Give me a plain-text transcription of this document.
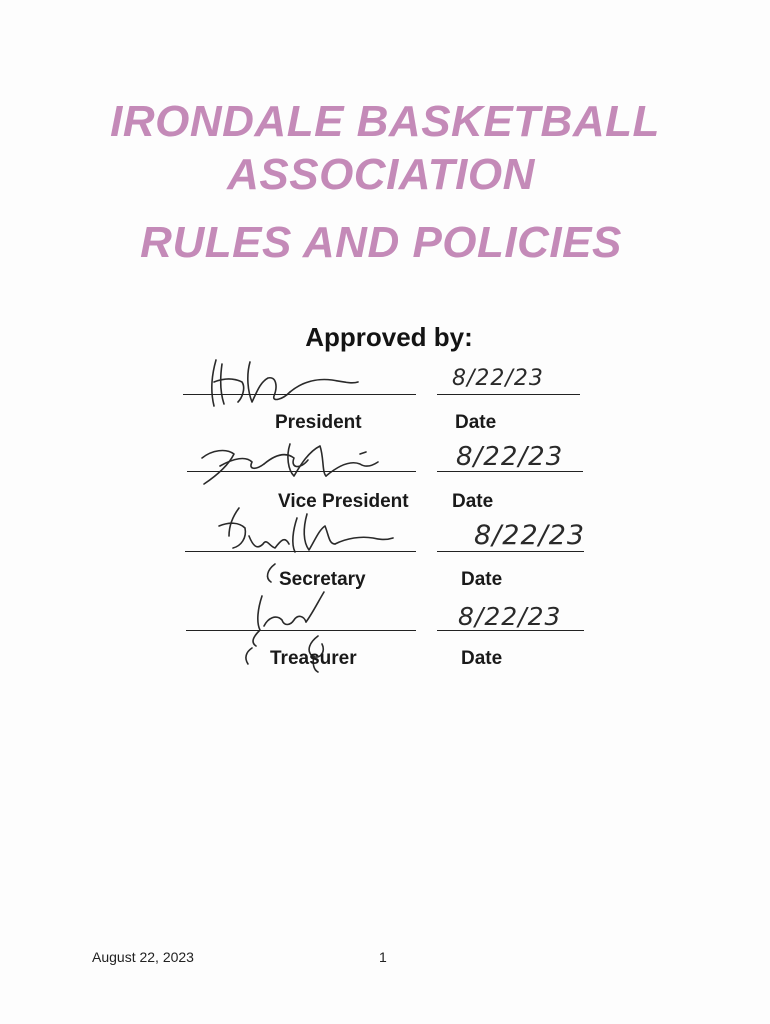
IRONDALE BASKETBALL
ASSOCIATION
RULES AND POLICIES
Approved by:
8/22/23
President	Date
8/22/23
Vice President Date
8/22/23
Secretary	Date
8/22/23
Treasurer	Date
August 22, 2023	1
